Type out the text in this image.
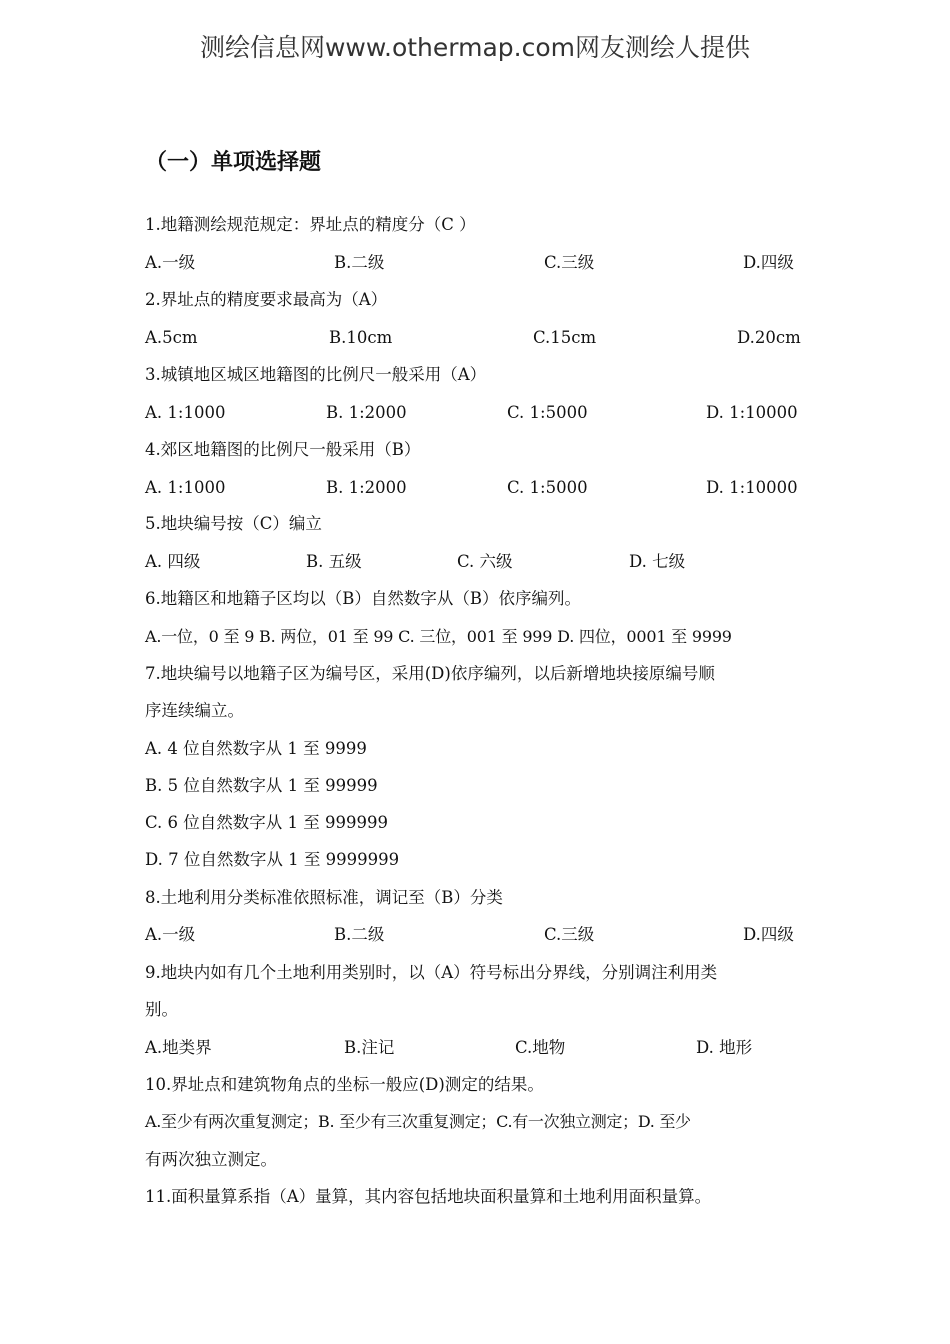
测绘信息网www.othermap.com网友测绘人提供
（一）单项选择题
1.地籍测绘规范规定：界址点的精度分（C ）
A.一级	B.二级	C.三级	D.四级
2.界址点的精度要求最高为（A）
A.5cm	B.10cm	C.15cm	D.20cm
3.城镇地区城区地籍图的比例尺一般采用（A）
A. 1:1000	B. 1:2000	C. 1:5000	D. 1:10000
4.郊区地籍图的比例尺一般采用（B）
A. 1:1000	B. 1:2000	C. 1:5000	D. 1:10000
5.地块编号按（C）编立
A. 四级	B. 五级	C. 六级	D. 七级
6.地籍区和地籍子区均以（B）自然数字从（B）依序编列。
A.一位，0 至 9 B. 两位，01 至 99 C. 三位，001 至 999 D. 四位，0001 至 9999
7.地块编号以地籍子区为编号区，采用(D)依序编列，以后新增地块接原编号顺
序连续编立。
A. 4 位自然数字从 1 至 9999
B. 5 位自然数字从 1 至 99999
C. 6 位自然数字从 1 至 999999
D. 7 位自然数字从 1 至 9999999
8.土地利用分类标准依照标准，调记至（B）分类
A.一级	B.二级	C.三级	D.四级
9.地块内如有几个土地利用类别时，以（A）符号标出分界线，分别调注利用类
别。
A.地类界	B.注记	C.地物	D. 地形
10.界址点和建筑物角点的坐标一般应(D)测定的结果。
A.至少有两次重复测定；B. 至少有三次重复测定；C.有一次独立测定；D. 至少
有两次独立测定。
11.面积量算系指（A）量算，其内容包括地块面积量算和土地利用面积量算。
